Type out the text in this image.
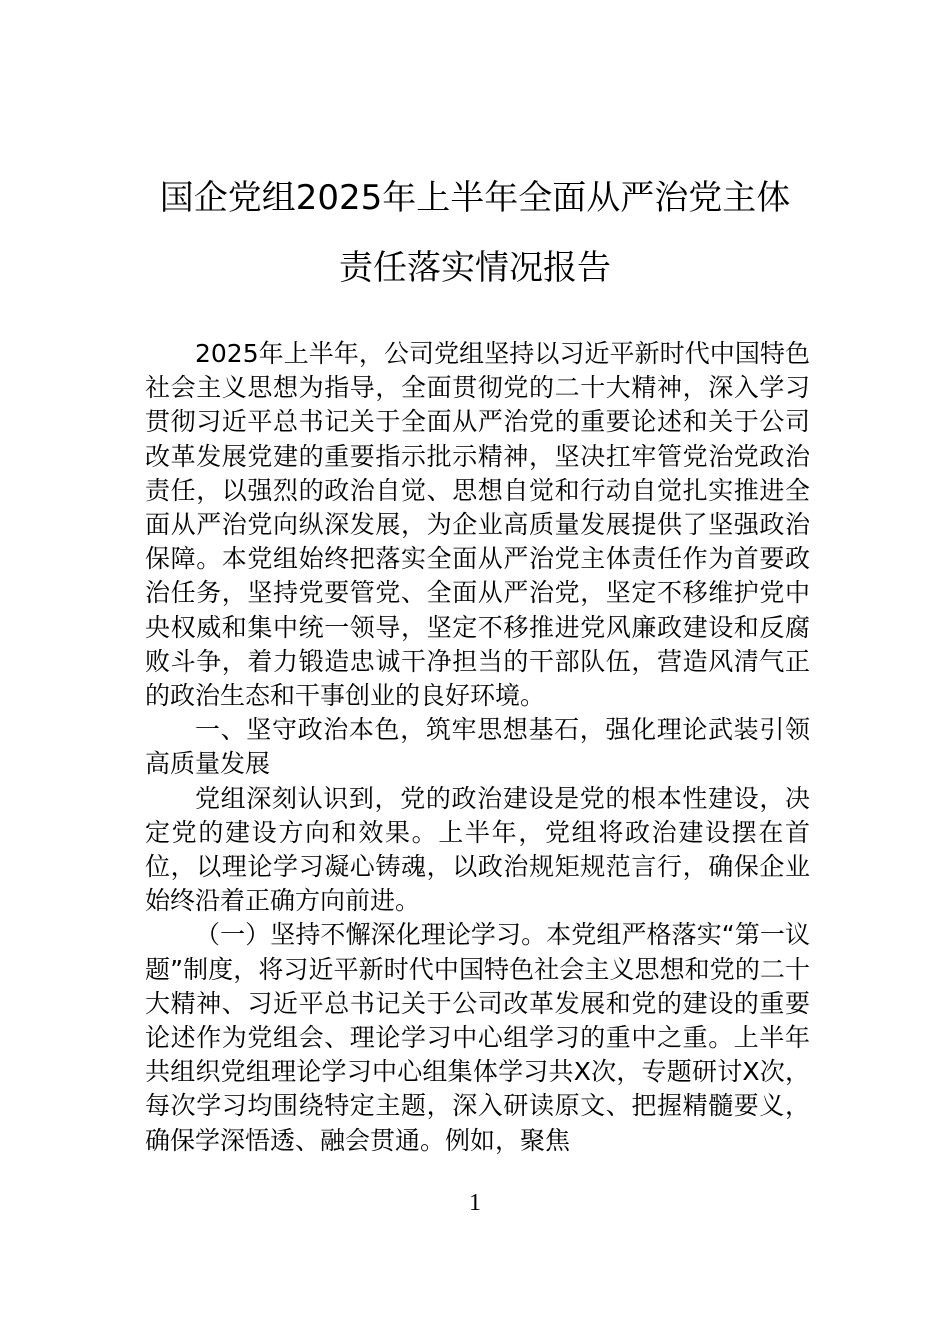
国企党组2025年上半年全面从严治党主体
责任落实情况报告

2025年上半年，公司党组坚持以习近平新时代中国特色社会主义思想为指导，全面贯彻党的二十大精神，深入学习贯彻习近平总书记关于全面从严治党的重要论述和关于公司改革发展党建的重要指示批示精神，坚决扛牢管党治党政治责任，以强烈的政治自觉、思想自觉和行动自觉扎实推进全面从严治党向纵深发展，为企业高质量发展提供了坚强政治保障。本党组始终把落实全面从严治党主体责任作为首要政治任务，坚持党要管党、全面从严治党，坚定不移维护党中央权威和集中统一领导，坚定不移推进党风廉政建设和反腐败斗争，着力锻造忠诚干净担当的干部队伍，营造风清气正的政治生态和干事创业的良好环境。

一、坚守政治本色，筑牢思想基石，强化理论武装引领高质量发展

党组深刻认识到，党的政治建设是党的根本性建设，决定党的建设方向和效果。上半年，党组将政治建设摆在首位，以理论学习凝心铸魂，以政治规矩规范言行，确保企业始终沿着正确方向前进。

（一）坚持不懈深化理论学习。本党组严格落实“第一议题”制度，将习近平新时代中国特色社会主义思想和党的二十大精神、习近平总书记关于公司改革发展和党的建设的重要论述作为党组会、理论学习中心组学习的重中之重。上半年共组织党组理论学习中心组集体学习共X次，专题研讨X次，每次学习均围绕特定主题，深入研读原文、把握精髓要义，确保学深悟透、融会贯通。例如，聚焦

1
